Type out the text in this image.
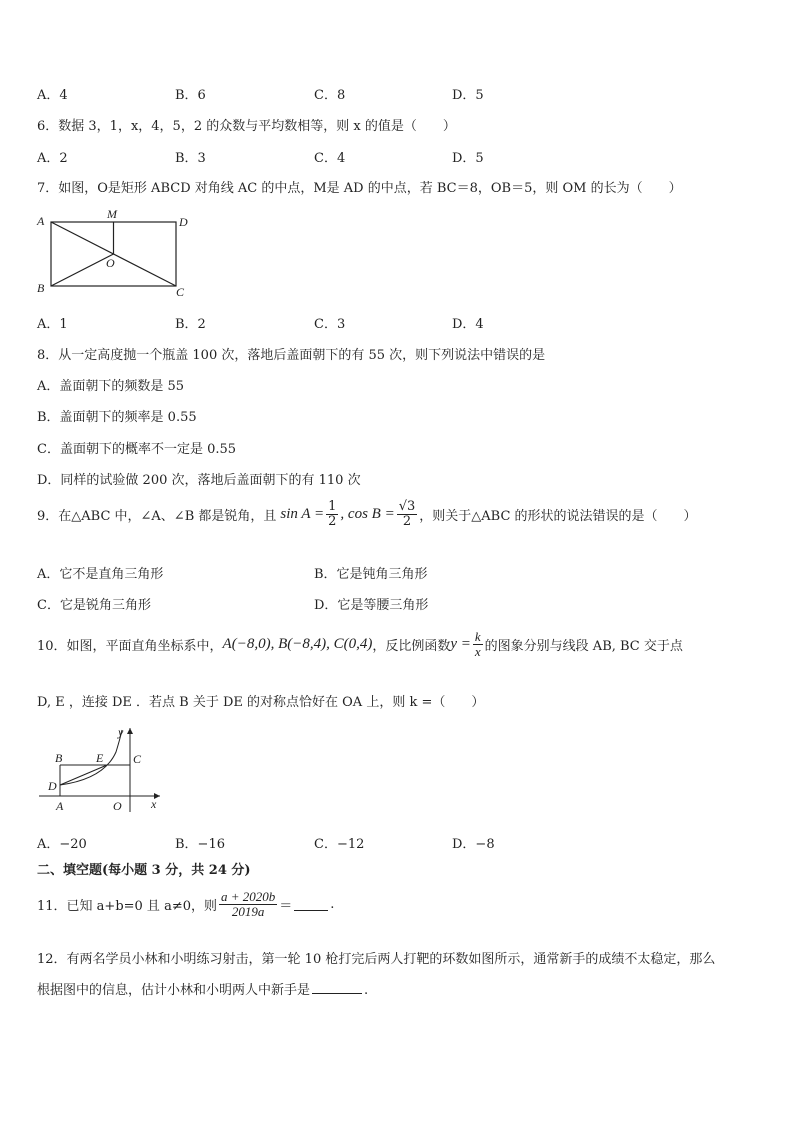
A．4	B．6	C．8	D．5
6．数据 3，1，x，4，5，2 的众数与平均数相等，则 x 的值是（　　）
A．2	B．3	C．4	D．5
7．如图，O是矩形 ABCD 对角线 AC 的中点，M是 AD 的中点，若 BC＝8，OB＝5，则 OM 的长为（　　）
A	M
D
O
B	C
A．1	B．2	C．3	D．4
8．从一定高度抛一个瓶盖 100 次，落地后盖面朝下的有 55 次，则下列说法中错误的是
A．盖面朝下的频数是 55
B．盖面朝下的频率是 0.55
C．盖面朝下的概率不一定是 0.55
D．同样的试验做 200 次，落地后盖面朝下的有 110 次
9．在△ABC 中，∠A、∠B 都是锐角，且 $\sin A = \frac{1}{2}$ , $\cos B = \frac{√3}{2}$ ，则关于△ABC 的形状的说法错误的是（　　）
A．它不是直角三角形	B．它是钝角三角形
C．它是锐角三角形	D．它是等腰三角形
10．如图，平面直角坐标系中， A(−8,0), B(−8,4), C(0,4) ，反比例函数 $y = \frac{k}{x}$ 的图象分别与线段 AB, BC 交于点
D, E ，连接 DE ．若点 B 关于 DE 的对称点恰好在 OA 上，则 k =（　　）
y
B	E C
D
A	O x
A．−20	B．−16	C．−12	D．−8
二、填空题(每小题 3 分，共 24 分)
11．已知 a+b=0 且 a≠0，则 $\frac{a + 2020b}{2019a}$ ＝	.
12．有两名学员小林和小明练习射击，第一轮 10 枪打完后两人打靶的环数如图所示，通常新手的成绩不太稳定，那么
根据图中的信息，估计小林和小明两人中新手是	.
